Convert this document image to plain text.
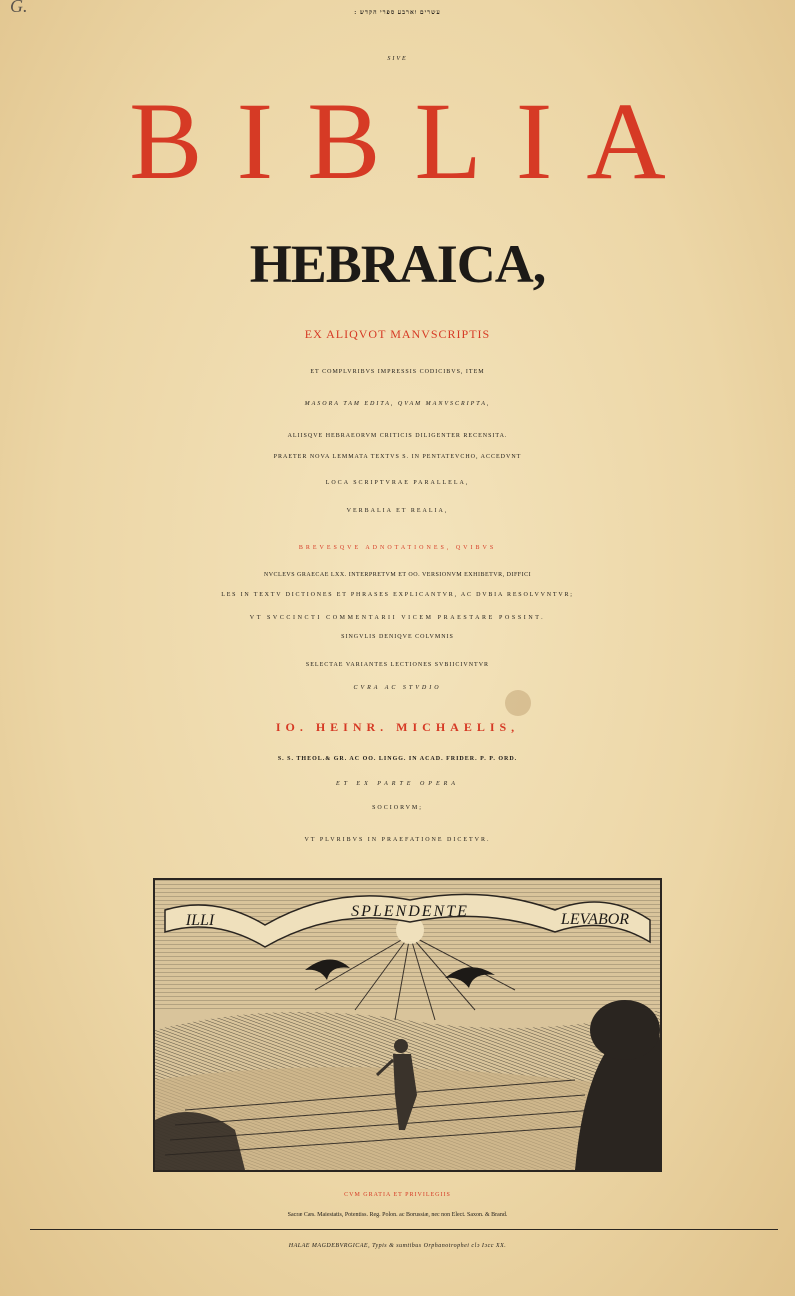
G.	עשרים וארבע ספרי הקדש :
SIVE
BIBLIA
HEBRAICA,
EX ALIQVOT MANVSCRIPTIS
ET COMPLVRIBVS IMPRESSIS CODICIBVS, ITEM
MASORA TAM EDITA, QVAM MANVSCRIPTA,
ALIISQVE HEBRAEORVM CRITICIS DILIGENTER RECENSITA.
PRAETER NOVA LEMMATA TEXTVS S. IN PENTATEVCHO, ACCEDVNT
LOCA SCRIPTVRAE PARALLELA,
VERBALIA ET REALIA,
BREVESQVE ADNOTATIONES, QVIBVS
NVCLEVS GRAECAE LXX. INTERPRETVM ET OO. VERSIONVM EXHIBETVR, DIFFICI
LES IN TEXTV DICTIONES ET PHRASES EXPLICANTVR, AC DVBIA RESOLVVNTVR;
VT SVCCINCTI COMMENTARII VICEM PRAESTARE POSSINT.
SINGVLIS DENIQVE COLVMNIS
SELECTAE VARIANTES LECTIONES SVBIICIVNTVR
CVRA AC STVDIO
IO. HEINR. MICHAELIS,
S. S. THEOL.& GR. AC OO. LINGG. IN ACAD. FRIDER. P. P. ORD.
ET EX PARTE OPERA
SOCIORVM;
VT PLVRIBVS IN PRAEFATIONE DICETVR.
ILLI
SPLENDENTE	LEVABOR
CVM GRATIA ET PRIVILEGIIS
Sacræ Cæs. Maiestatis, Potentiss. Reg. Polon. ac Borussiæ, nec non Elect. Saxon. & Brand.
HALAE MAGDEBVRGICAE, Typis & sumtibus Orphanotrophei clↄ Iↄcc XX.
